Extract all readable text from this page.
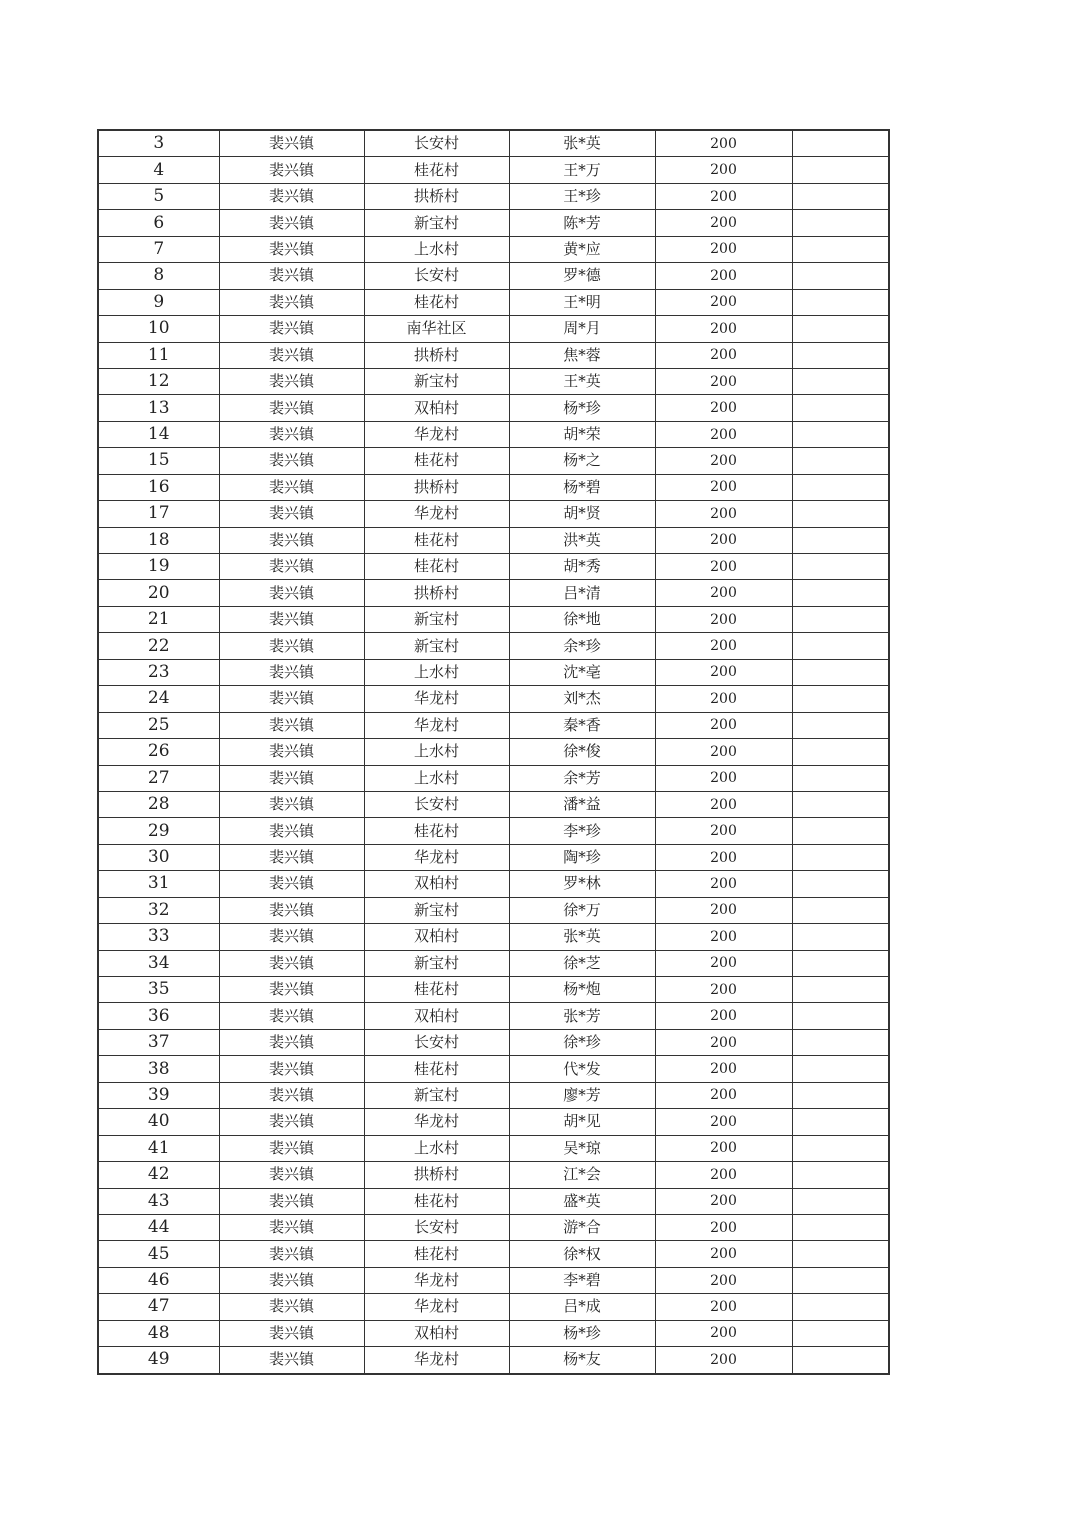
3	裴兴镇	长安村	张*英	200	
4	裴兴镇	桂花村	王*万	200	
5	裴兴镇	拱桥村	王*珍	200	
6	裴兴镇	新宝村	陈*芳	200	
7	裴兴镇	上水村	黄*应	200	
8	裴兴镇	长安村	罗*德	200	
9	裴兴镇	桂花村	王*明	200	
10	裴兴镇	南华社区	周*月	200	
11	裴兴镇	拱桥村	焦*蓉	200	
12	裴兴镇	新宝村	王*英	200	
13	裴兴镇	双柏村	杨*珍	200	
14	裴兴镇	华龙村	胡*荣	200	
15	裴兴镇	桂花村	杨*之	200	
16	裴兴镇	拱桥村	杨*碧	200	
17	裴兴镇	华龙村	胡*贤	200	
18	裴兴镇	桂花村	洪*英	200	
19	裴兴镇	桂花村	胡*秀	200	
20	裴兴镇	拱桥村	吕*清	200	
21	裴兴镇	新宝村	徐*地	200	
22	裴兴镇	新宝村	余*珍	200	
23	裴兴镇	上水村	沈*亳	200	
24	裴兴镇	华龙村	刘*杰	200	
25	裴兴镇	华龙村	秦*香	200	
26	裴兴镇	上水村	徐*俊	200	
27	裴兴镇	上水村	余*芳	200	
28	裴兴镇	长安村	潘*益	200	
29	裴兴镇	桂花村	李*珍	200	
30	裴兴镇	华龙村	陶*珍	200	
31	裴兴镇	双柏村	罗*林	200	
32	裴兴镇	新宝村	徐*万	200	
33	裴兴镇	双柏村	张*英	200	
34	裴兴镇	新宝村	徐*芝	200	
35	裴兴镇	桂花村	杨*炮	200	
36	裴兴镇	双柏村	张*芳	200	
37	裴兴镇	长安村	徐*珍	200	
38	裴兴镇	桂花村	代*发	200	
39	裴兴镇	新宝村	廖*芳	200	
40	裴兴镇	华龙村	胡*见	200	
41	裴兴镇	上水村	吴*琼	200	
42	裴兴镇	拱桥村	江*会	200	
43	裴兴镇	桂花村	盛*英	200	
44	裴兴镇	长安村	游*合	200	
45	裴兴镇	桂花村	徐*权	200	
46	裴兴镇	华龙村	李*碧	200	
47	裴兴镇	华龙村	吕*成	200	
48	裴兴镇	双柏村	杨*珍	200	
49	裴兴镇	华龙村	杨*友	200	
